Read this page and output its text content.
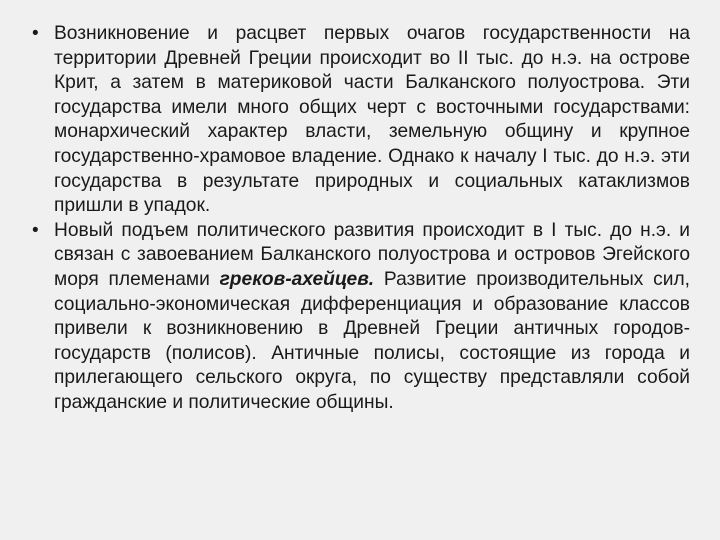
• Возникновение и расцвет первых очагов государственности на территории Древней Греции происходит во II тыс. до н.э. на острове Крит, а затем в материковой части Балканского полуострова. Эти государства имели много общих черт с восточными государствами: монархический характер власти, земельную общину и крупное государственно-храмовое владение. Однако к началу I тыс. до н.э. эти государства в результате природных и социальных катаклизмов пришли в упадок.
• Новый подъем политического развития происходит в I тыс. до н.э. и связан с завоеванием Балканского полуострова и островов Эгейского моря племенами греков-ахейцев. Развитие производительных сил, социально-экономическая дифференциация и образование классов привели к возникновению в Древней Греции античных городов-государств (полисов). Античные полисы, состоящие из города и прилегающего сельского округа, по существу представляли собой гражданские и политические общины.
